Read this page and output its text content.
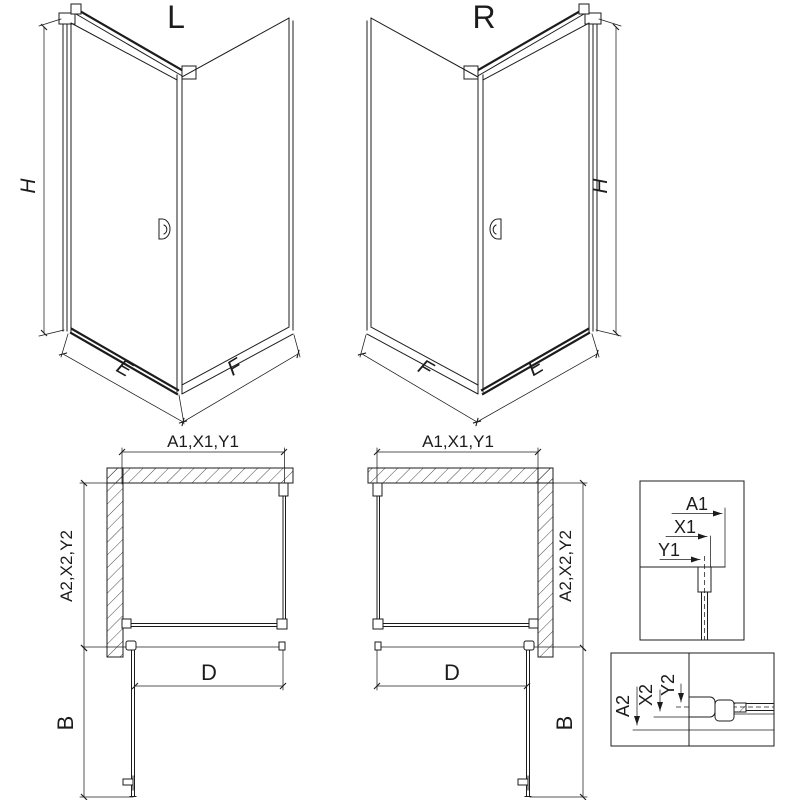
L
H
E	F
R
H
F	E
A1,X1,Y1
A2,X2,Y2
D
B
A1,X1,Y1
A2,X2,Y2
D
B
A1
X1
Y1
A2 X2 Y2
